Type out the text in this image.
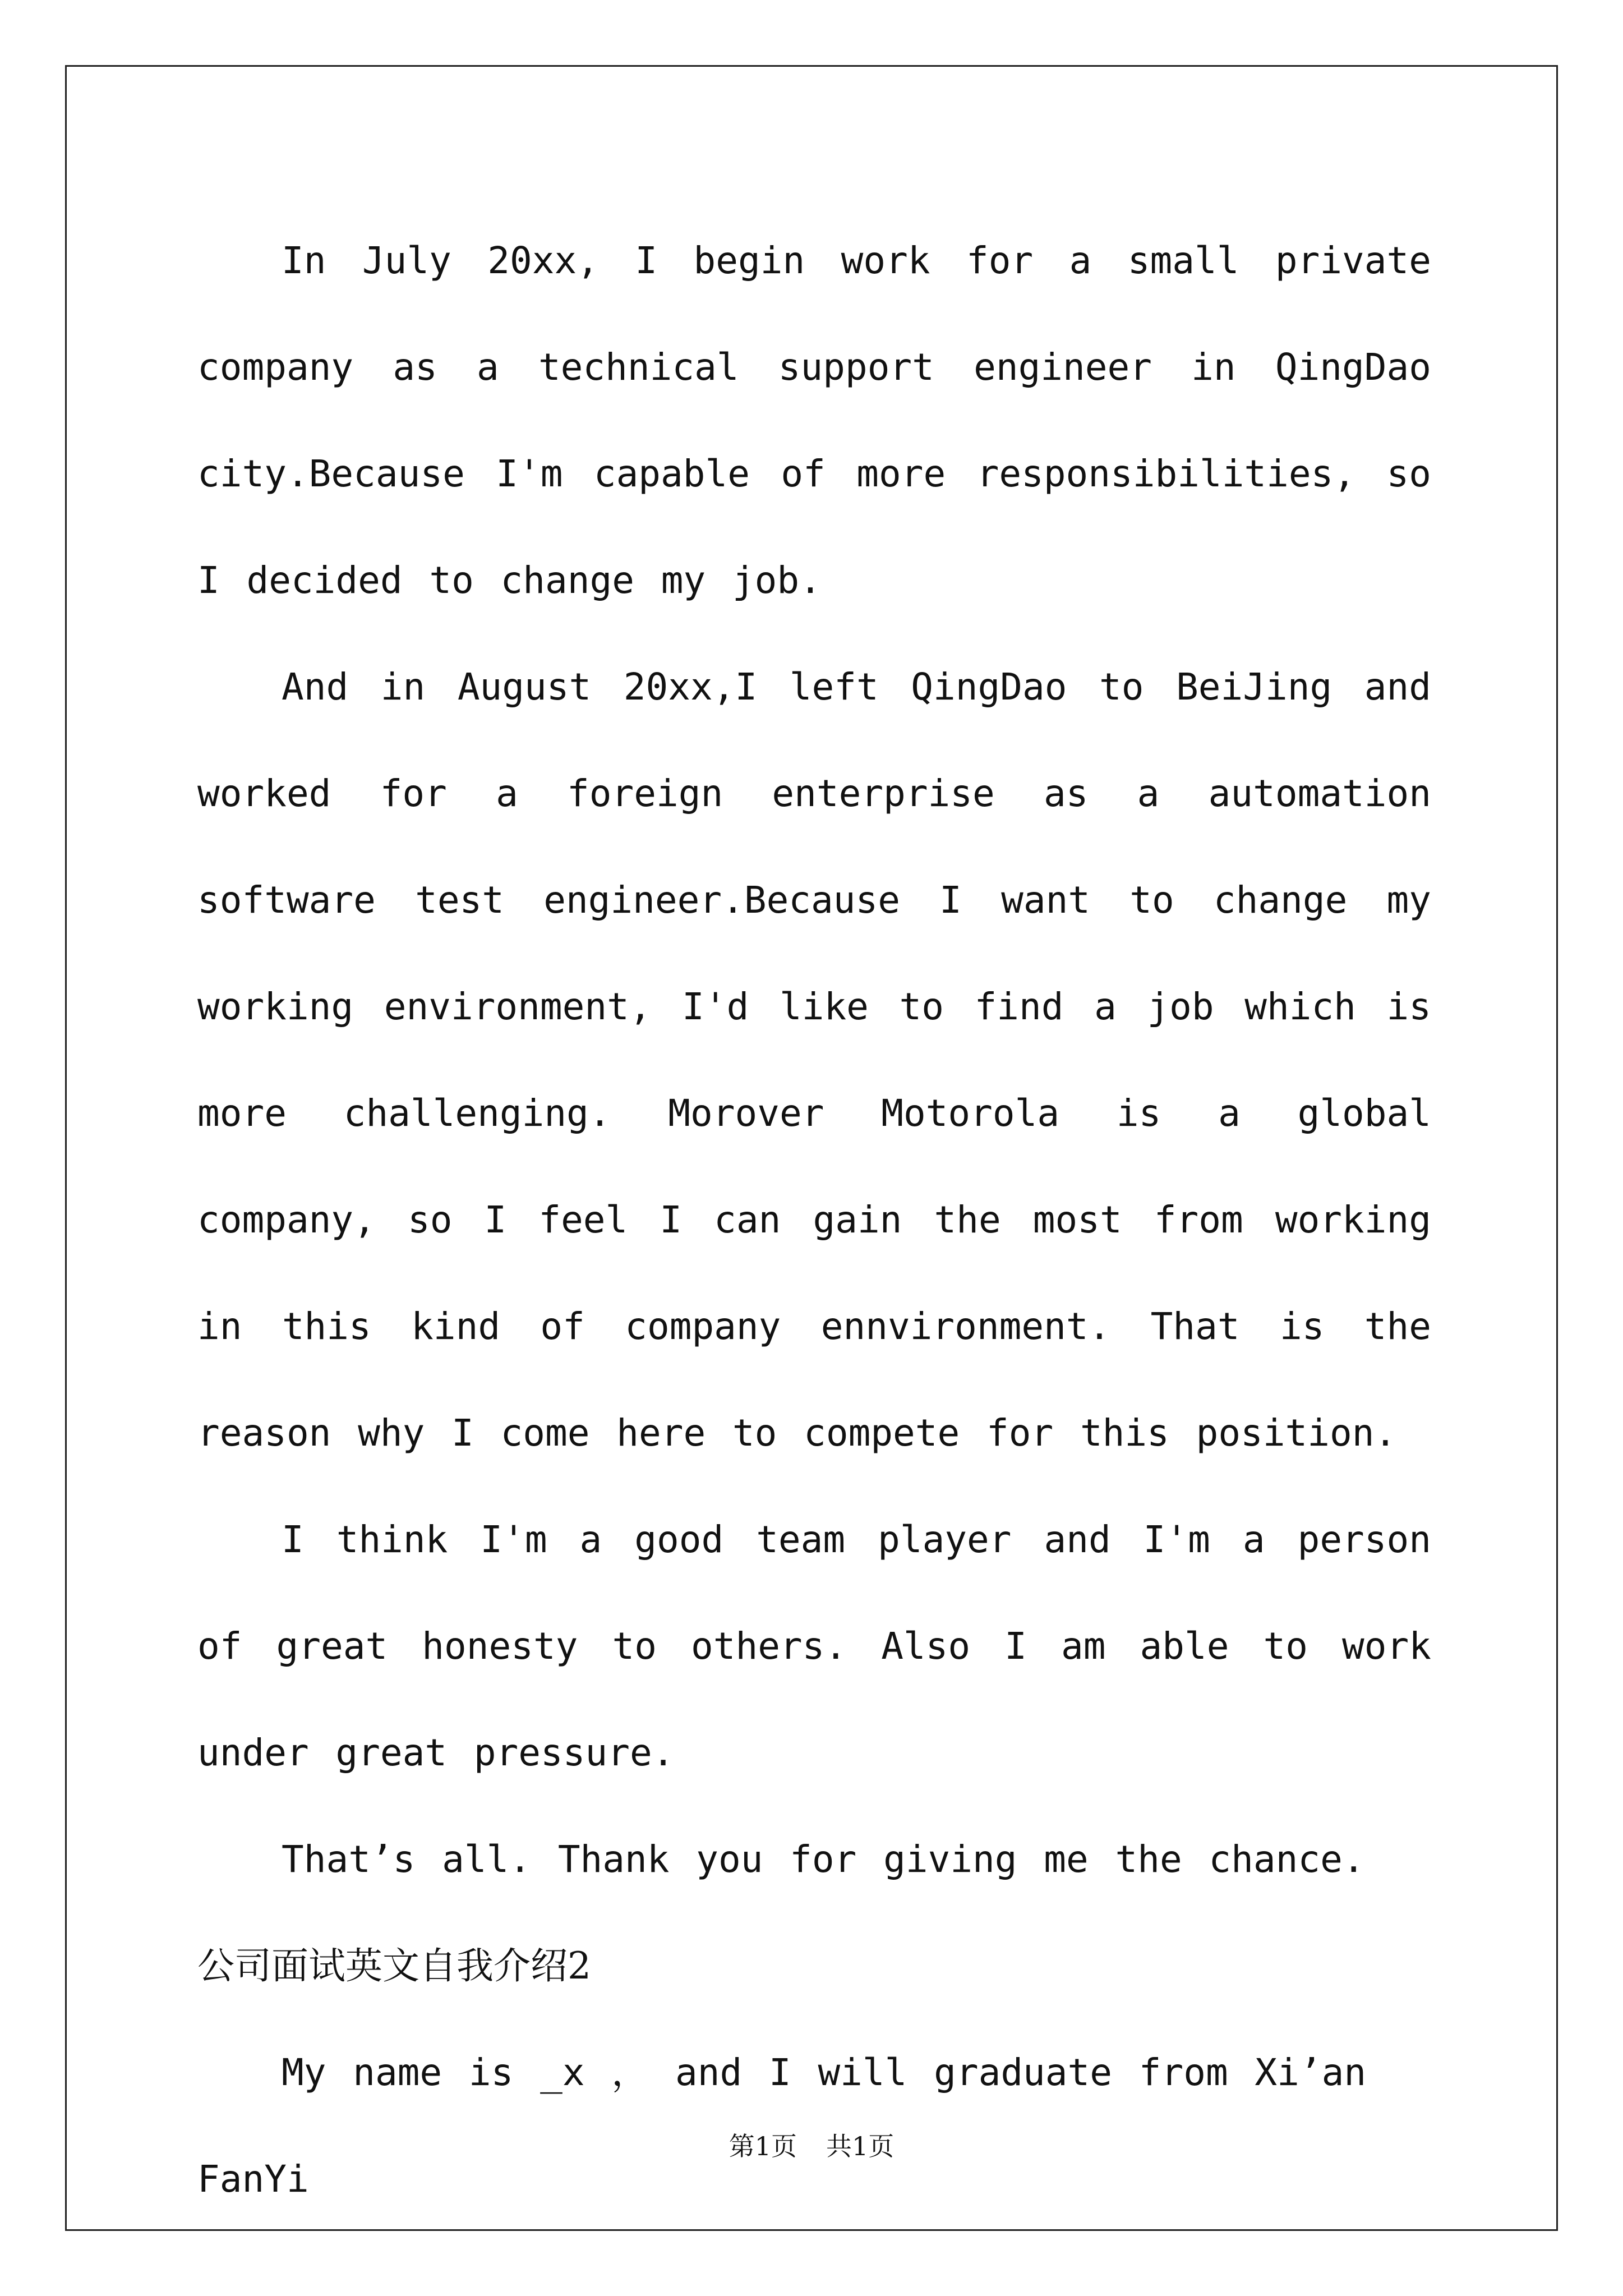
In July 20xx, I begin work for a small private company as a technical support engineer in QingDao city.Because I'm capable of more responsibilities, so I decided to change my job.

And in August 20xx,I left QingDao to BeiJing and worked for a foreign enterprise as a automation software test engineer.Because I want to change my working environment, I'd like to find a job which is more challenging. Morover Motorola is a global company, so I feel I can gain the most from working in this kind of company ennvironment. That is the reason why I come here to compete for this position.

I think I'm a good team player and I'm a person of great honesty to others. Also I am able to work under great pressure.

That’s all. Thank you for giving me the chance.

公司面试英文自我介绍2

My name is _x ， and I will graduate from Xi’an FanYi

第1页 共1页
